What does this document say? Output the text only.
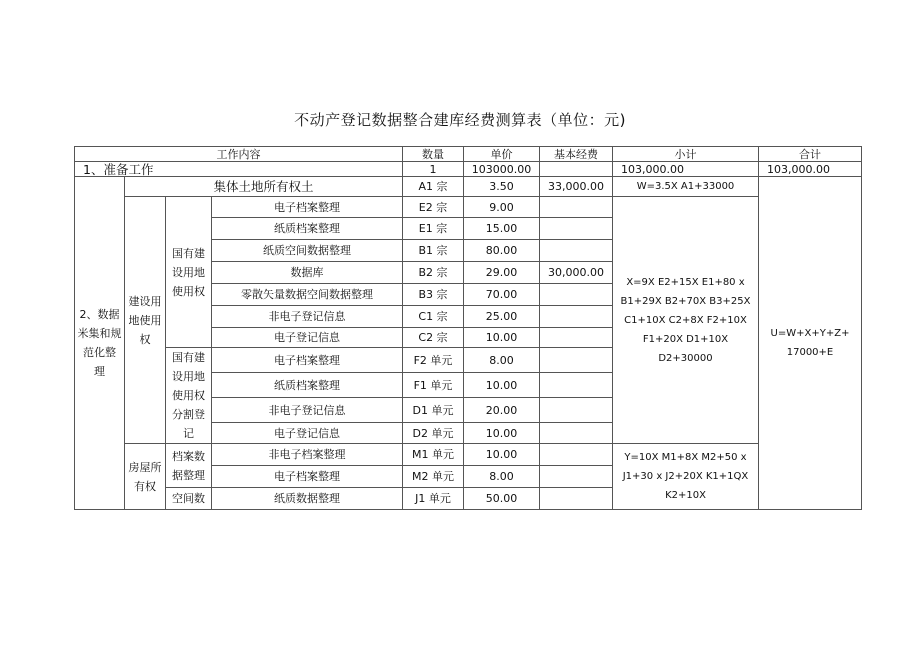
不动产登记数据整合建库经费测算表（单位：元)
工作内容				数量	单价	基本经费	小计	合计
1、准备工作				1	103000.00		103,000.00	103,000.00
2、数据米集和规 范化整 理	集体土地所有权土			A1 宗	3.50	33,000.00	W=3.5X A1+33000	U=W+X+Y+Z+ 17000+E
	建设用地使用权	国有建设用地使用权	电子档案整理	E2 宗	9.00		X=9X E2+15X E1+80 x B1+29X B2+70X B3+25X C1+10X C2+8X F2+10X F1+20X D1+10X D2+30000	
			纸质档案整理	E1 宗	15.00			
			纸质空间数据整理	B1 宗	80.00			
			数据库	B2 宗	29.00	30,000.00		
			零散矢量数据空间数据整理	B3 宗	70.00			
			非电子登记信息	C1 宗	25.00			
			电子登记信息	C2 宗	10.00			
		国有建设用地使用权分割登记	电子档案整理	F2 单元	8.00			
			纸质档案整理	F1 单元	10.00			
			非电子登记信息	D1 单元	20.00			
			电子登记信息	D2 单元	10.00			
	房屋所有权	档案数据整理	非电子档案整理	M1 单元	10.00		Y=10X M1+8X M2+50 x J1+30 x J2+20X K1+1QX K2+10X	
			电子档案整理	M2 单元	8.00			
		空间数	纸质数据整理	J1 单元	50.00			
